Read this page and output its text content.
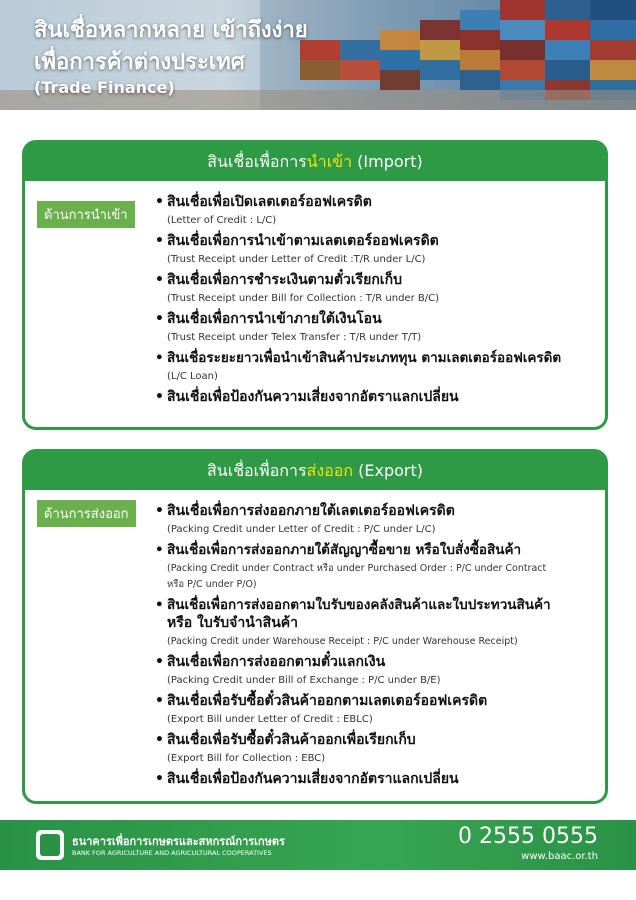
สินเชื่อหลากหลาย เข้าถึงง่าย
เพื่อการค้าต่างประเทศ
(Trade Finance)
สินเชื่อเพื่อการนำเข้า (Import)
ด้านการนำเข้า
• สินเชื่อเพื่อเปิดเลตเตอร์ออฟเครดิต
(Letter of Credit : L/C)
• สินเชื่อเพื่อการนำเข้าตามเลตเตอร์ออฟเครดิต
(Trust Receipt under Letter of Credit :T/R under L/C)
• สินเชื่อเพื่อการชำระเงินตามตั๋วเรียกเก็บ
(Trust Receipt under Bill for Collection : T/R under B/C)
• สินเชื่อเพื่อการนำเข้าภายใต้เงินโอน
(Trust Receipt under Telex Transfer : T/R under T/T)
• สินเชื่อระยะยาวเพื่อนำเข้าสินค้าประเภททุน ตามเลตเตอร์ออฟเครดิต
(L/C Loan)
• สินเชื่อเพื่อป้องกันความเสี่ยงจากอัตราแลกเปลี่ยน
สินเชื่อเพื่อการส่งออก (Export)
ด้านการส่งออก
•	สินเชื่อเพื่อการส่งออกภายใต้เลตเตอร์ออฟเครดิต
(Packing Credit under Letter of Credit : P/C under L/C)
• สินเชื่อเพื่อการส่งออกภายใต้สัญญาซื้อขาย หรือใบสั่งซื้อสินค้า
(Packing Credit under Contract หรือ under Purchased Order : P/C under Contract
หรือ P/C under P/O)
• สินเชื่อเพื่อการส่งออกตามใบรับของคลังสินค้าและใบประทวนสินค้า
หรือ ใบรับจำนำสินค้า
(Packing Credit under Warehouse Receipt : P/C under Warehouse Receipt)
• สินเชื่อเพื่อการส่งออกตามตั๋วแลกเงิน
(Packing Credit under Bill of Exchange : P/C under B/E)
• สินเชื่อเพื่อรับซื้อตั๋วสินค้าออกตามเลตเตอร์ออฟเครดิต
(Export Bill under Letter of Credit : EBLC)
• สินเชื่อเพื่อรับซื้อตั๋วสินค้าออกเพื่อเรียกเก็บ
(Export Bill for Collection : EBC)
• สินเชื่อเพื่อป้องกันความเสี่ยงจากอัตราแลกเปลี่ยน
ธนาคารเพื่อการเกษตรและสหกรณ์การเกษตร
BANK FOR AGRICULTURE AND AGRICULTURAL COOPERATIVES
0 2555 0555
www.baac.or.th
